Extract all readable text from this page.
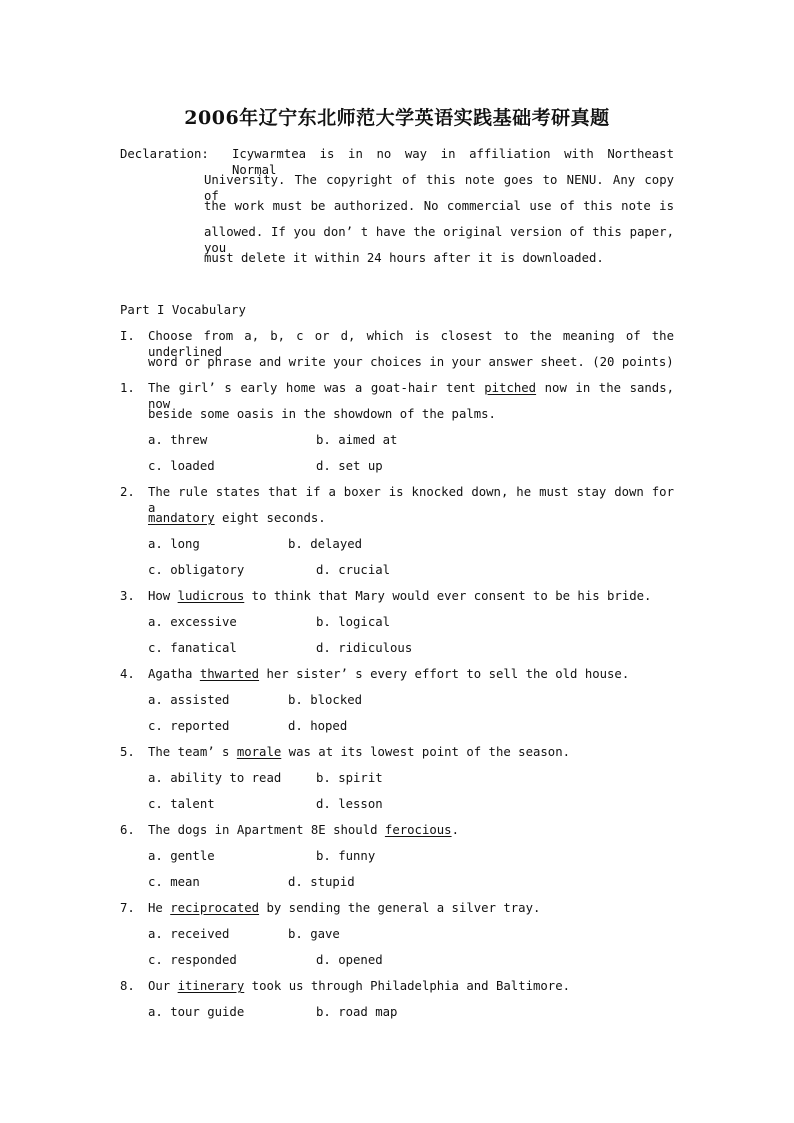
2006年辽宁东北师范大学英语实践基础考研真题
Declaration: Icywarmtea is in no way in affiliation with Northeast Normal
University. The copyright of this note goes to NENU. Any copy of
the work must be authorized. No commercial use of this note is
allowed. If you don’ t have the original version of this paper, you
must delete it within 24 hours after it is downloaded.
Part I Vocabulary
I. Choose from a, b, c or d, which is closest to the meaning of the underlined
word or phrase and write your choices in your answer sheet. (20 points)
1. The girl’ s early home was a goat-hair tent pitched now in the sands, now
beside some oasis in the showdown of the palms.
a. threw	b. aimed at
c. loaded	d. set up
2. The rule states that if a boxer is knocked down, he must stay down for a
mandatory eight seconds.
a. long	b. delayed
c. obligatory	d. crucial
3. How ludicrous to think that Mary would ever consent to be his bride.
a. excessive	b. logical
c. fanatical	d. ridiculous
4. Agatha thwarted her sister’ s every effort to sell the old house.
a. assisted	b. blocked
c. reported	d. hoped
5. The team’ s morale was at its lowest point of the season.
a. ability to read	b. spirit
c. talent	d. lesson
6. The dogs in Apartment 8E should ferocious.
a. gentle	b. funny
c. mean	d. stupid
7. He reciprocated by sending the general a silver tray.
a. received	b. gave
c. responded	d. opened
8. Our itinerary took us through Philadelphia and Baltimore.
a. tour guide	b. road map
